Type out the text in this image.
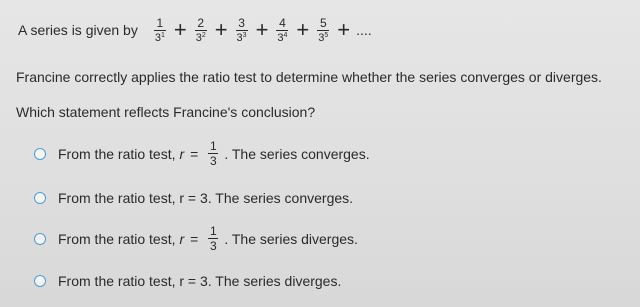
A series is given by $\frac{1}{3^1} + \frac{2}{3^2} + \frac{3}{3^3} + \frac{4}{3^4} + \frac{5}{3^5}$ + ....
Francine correctly applies the ratio test to determine whether the series converges or diverges.
Which statement reflects Francine's conclusion?
From the ratio test, $r = \frac{1}{3}$ . The series converges.
From the ratio test, r = 3. The series converges.
From the ratio test, $r = \frac{1}{3}$ . The series diverges.
From the ratio test, r = 3. The series diverges.
